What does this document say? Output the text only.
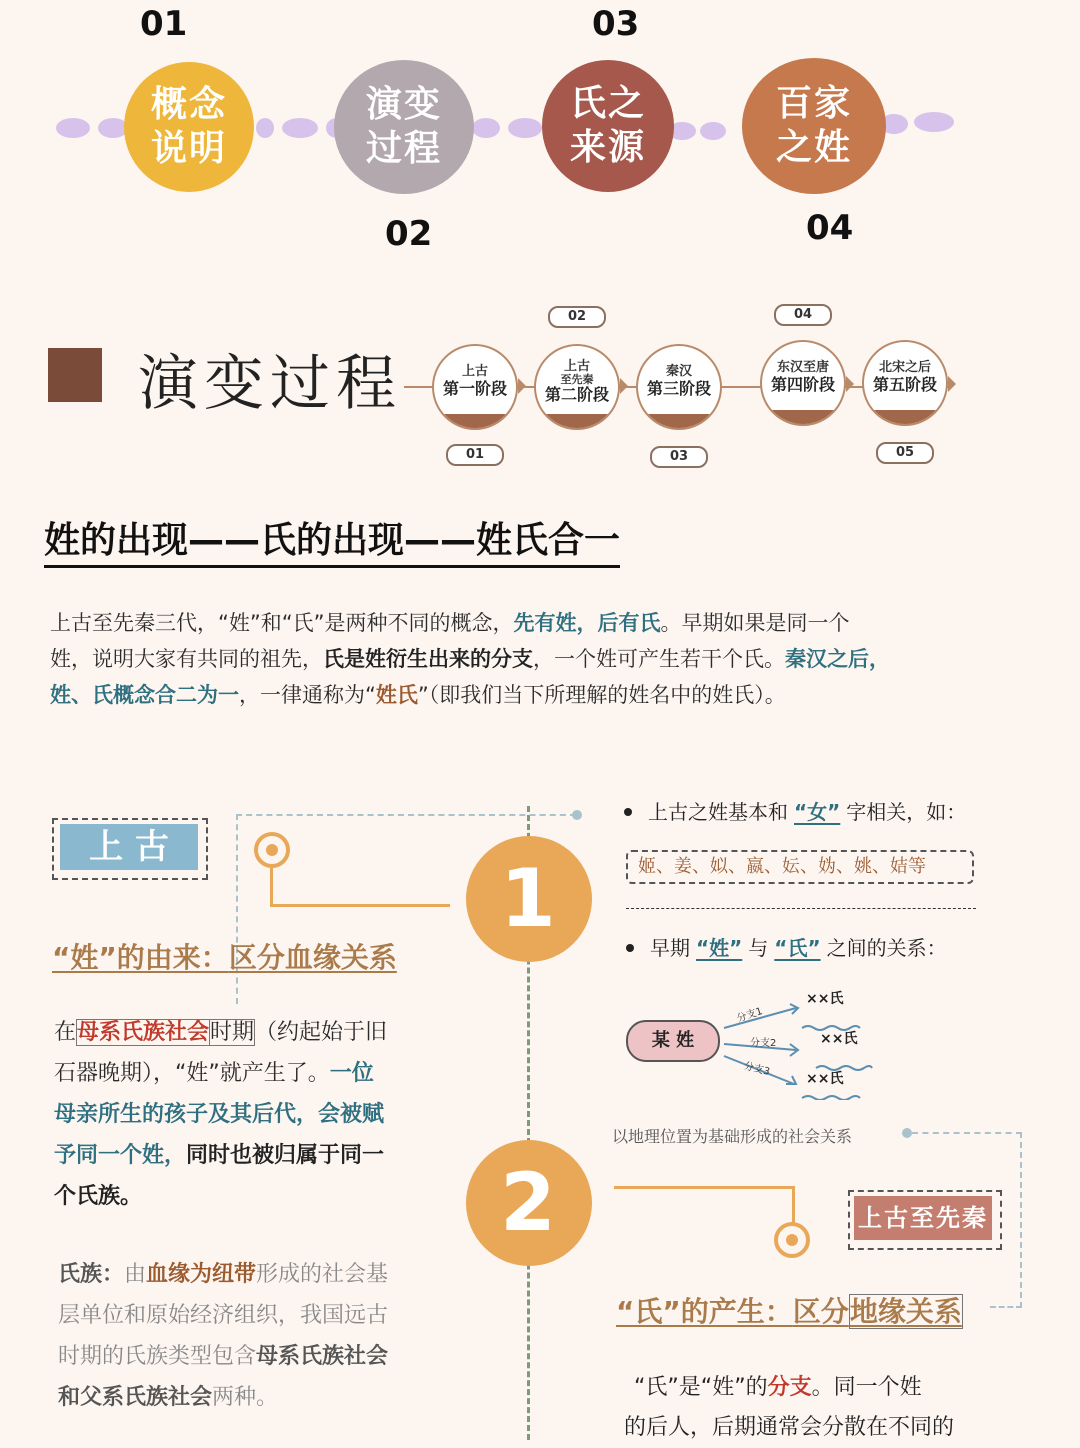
01
02
03
04
概念
说明
演变
过程
氏之
来源
百家
之姓
演变过程
01
上古
第一阶段
02
上古
至先秦
第二阶段
03
秦汉
第三阶段
04
东汉至唐
第四阶段
05
北宋之后
第五阶段
姓的出现——氏的出现——姓氏合一
上古至先秦三代，“姓”和“氏”是两种不同的概念，先有姓，后有氏。早期如果是同一个
姓，说明大家有共同的祖先，氏是姓衍生出来的分支，一个姓可产生若干个氏。秦汉之后，
姓、氏概念合二为一，一律通称为“姓氏”（即我们当下所理解的姓名中的姓氏）。
1
2
上 古
“姓”的由来：区分血缘关系
在母系氏族社会时期（约起始于旧
石器晚期），“姓”就产生了。一位
母亲所生的孩子及其后代，会被赋
予同一个姓，同时也被归属于同一
个氏族。
氏族：由血缘为纽带形成的社会基
层单位和原始经济组织，我国远古
时期的氏族类型包含母系氏族社会
和父系氏族社会两种。
上古之姓基本和 “女” 字相关，如：
姬、姜、姒、嬴、妘、妫、姚、姞等
早期 “姓” 与 “氏” 之间的关系：
某 姓
分支1
分支2
分支3
××氏
××氏
××氏
以地理位置为基础形成的社会关系
上古至先秦
“氏”的产生：区分地缘关系
“氏”是“姓”的分支。同一个姓
的后人，后期通常会分散在不同的
